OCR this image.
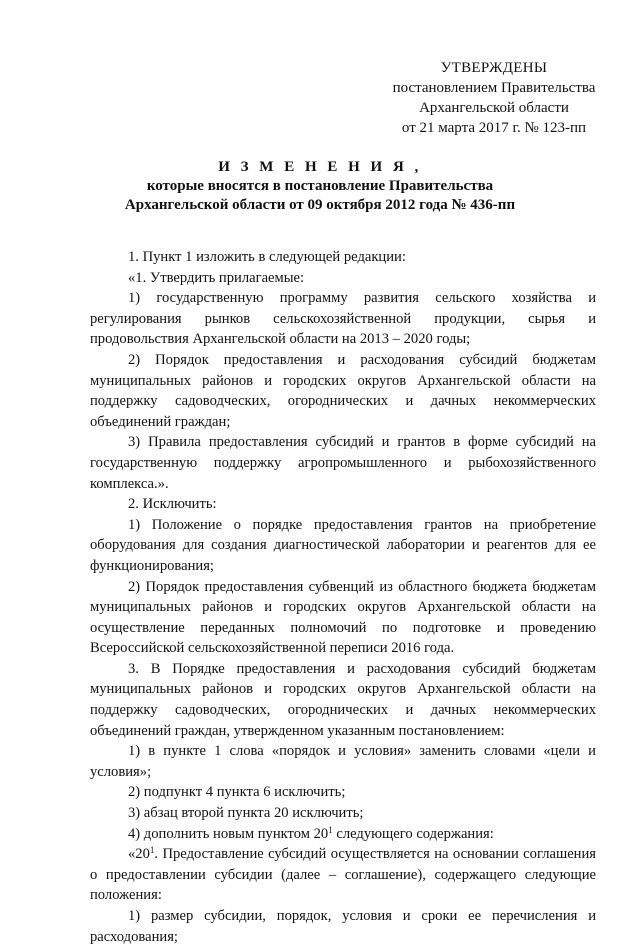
УТВЕРЖДЕНЫ
постановлением Правительства
Архангельской области
от 21 марта 2017 г. № 123-пп
И З М Е Н Е Н И Я ,
которые вносятся в постановление Правительства
Архангельской области от 09 октября 2012 года № 436-пп

1. Пункт 1 изложить в следующей редакции:

«1. Утвердить прилагаемые:

1) государственную программу развития сельского хозяйства и регулирования рынков сельскохозяйственной продукции, сырья и продовольствия Архангельской области на 2013 – 2020 годы;

2) Порядок предоставления и расходования субсидий бюджетам муниципальных районов и городских округов Архангельской области на поддержку садоводческих, огороднических и дачных некоммерческих объединений граждан;

3) Правила предоставления субсидий и грантов в форме субсидий на государственную поддержку агропромышленного и рыбохозяйственного комплекса.».

2. Исключить:

1) Положение о порядке предоставления грантов на приобретение оборудования для создания диагностической лаборатории и реагентов для ее функционирования;

2) Порядок предоставления субвенций из областного бюджета бюджетам муниципальных районов и городских округов Архангельской области на осуществление переданных полномочий по подготовке и проведению Всероссийской сельскохозяйственной переписи 2016 года.

3. В Порядке предоставления и расходования субсидий бюджетам муниципальных районов и городских округов Архангельской области на поддержку садоводческих, огороднических и дачных некоммерческих объединений граждан, утвержденном указанным постановлением:

1) в пункте 1 слова «порядок и условия» заменить словами «цели и условия»;

2) подпункт 4 пункта 6 исключить;

3) абзац второй пункта 20 исключить;

4) дополнить новым пунктом $20^1$ следующего содержания:

«$20^1$. Предоставление субсидий осуществляется на основании соглашения о предоставлении субсидии (далее – соглашение), содержащего следующие положения:

1) размер субсидии, порядок, условия и сроки ее перечисления и расходования;
